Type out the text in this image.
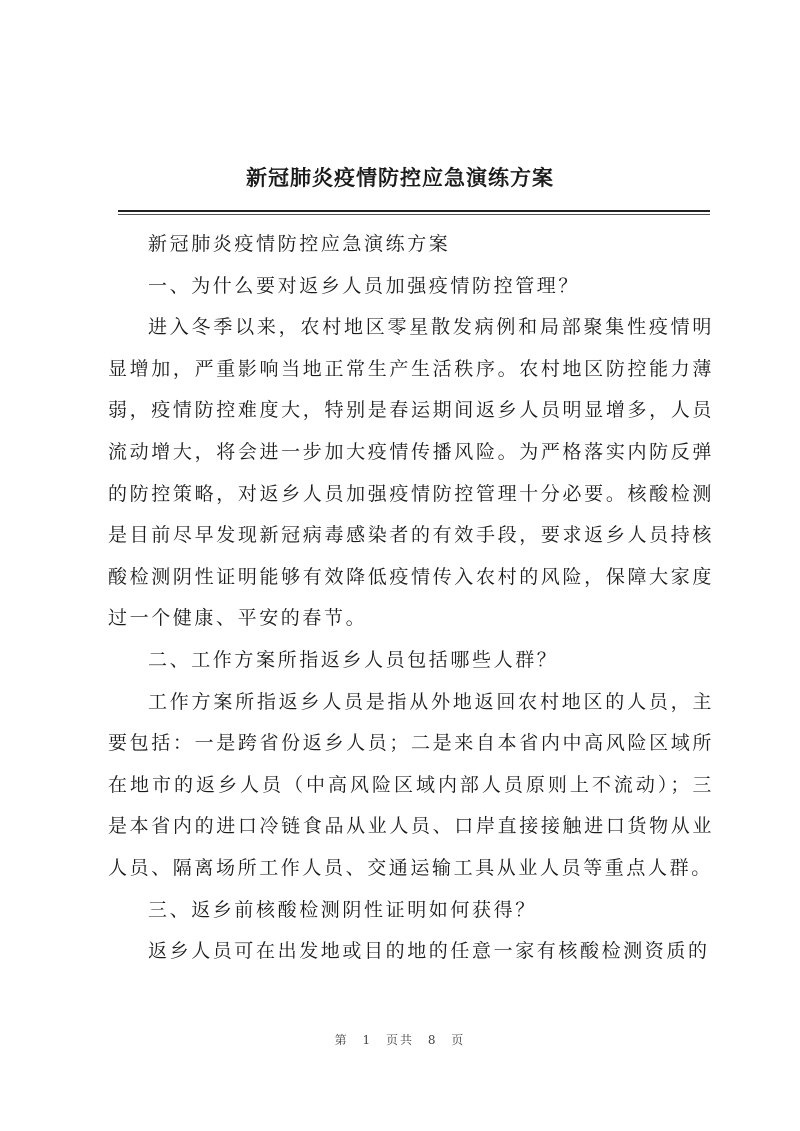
新冠肺炎疫情防控应急演练方案

新冠肺炎疫情防控应急演练方案

一、为什么要对返乡人员加强疫情防控管理？

进入冬季以来，农村地区零星散发病例和局部聚集性疫情明显增加，严重影响当地正常生产生活秩序。农村地区防控能力薄弱，疫情防控难度大，特别是春运期间返乡人员明显增多，人员流动增大，将会进一步加大疫情传播风险。为严格落实内防反弹的防控策略，对返乡人员加强疫情防控管理十分必要。核酸检测是目前尽早发现新冠病毒感染者的有效手段，要求返乡人员持核酸检测阴性证明能够有效降低疫情传入农村的风险，保障大家度过一个健康、平安的春节。

二、工作方案所指返乡人员包括哪些人群？

工作方案所指返乡人员是指从外地返回农村地区的人员，主要包括：一是跨省份返乡人员；二是来自本省内中高风险区域所在地市的返乡人员（中高风险区域内部人员原则上不流动）；三是本省内的进口冷链食品从业人员、口岸直接接触进口货物从业人员、隔离场所工作人员、交通运输工具从业人员等重点人群。

三、返乡前核酸检测阴性证明如何获得？

返乡人员可在出发地或目的地的任意一家有核酸检测资质的

第 1 页共 8 页
